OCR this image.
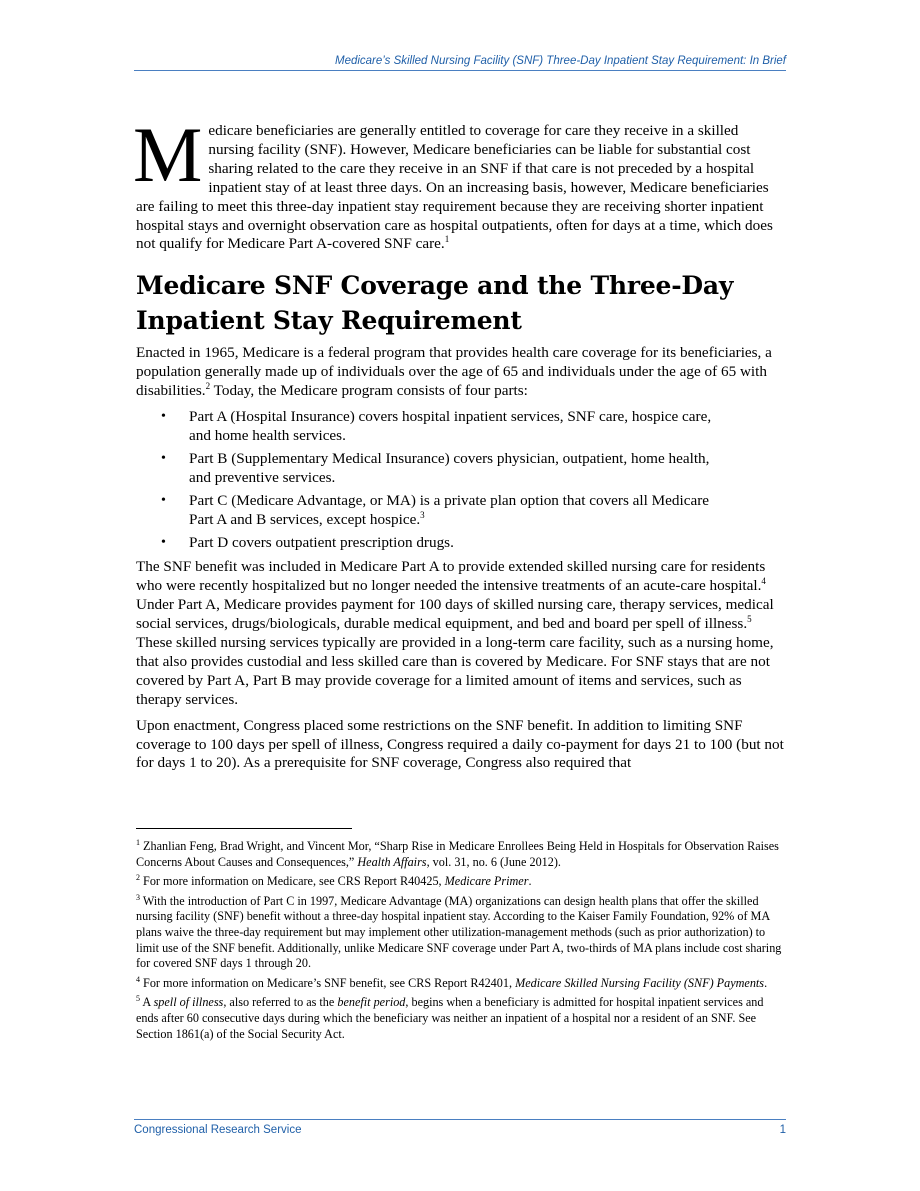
Medicare’s Skilled Nursing Facility (SNF) Three-Day Inpatient Stay Requirement: In Brief

Medicare beneficiaries are generally entitled to coverage for care they receive in a skilled nursing facility (SNF). However, Medicare beneficiaries can be liable for substantial cost sharing related to the care they receive in an SNF if that care is not preceded by a hospital inpatient stay of at least three days. On an increasing basis, however, Medicare beneficiaries are failing to meet this three-day inpatient stay requirement because they are receiving shorter inpatient hospital stays and overnight observation care as hospital outpatients, often for days at a time, which does not qualify for Medicare Part A-covered SNF care.$^1$

Medicare SNF Coverage and the Three-Day
Inpatient Stay Requirement

Enacted in 1965, Medicare is a federal program that provides health care coverage for its beneficiaries, a population generally made up of individuals over the age of 65 and individuals under the age of 65 with disabilities.$^2$ Today, the Medicare program consists of four parts:

• Part A (Hospital Insurance) covers hospital inpatient services, SNF care, hospice care, and home health services.
• Part B (Supplementary Medical Insurance) covers physician, outpatient, home health, and preventive services.
• Part C (Medicare Advantage, or MA) is a private plan option that covers all Medicare Part A and B services, except hospice.$^3$
• Part D covers outpatient prescription drugs.

The SNF benefit was included in Medicare Part A to provide extended skilled nursing care for residents who were recently hospitalized but no longer needed the intensive treatments of an acute-care hospital.$^4$ Under Part A, Medicare provides payment for 100 days of skilled nursing care, therapy services, medical social services, drugs/biologicals, durable medical equipment, and bed and board per spell of illness.$^5$ These skilled nursing services typically are provided in a long-term care facility, such as a nursing home, that also provides custodial and less skilled care than is covered by Medicare. For SNF stays that are not covered by Part A, Part B may provide coverage for a limited amount of items and services, such as therapy services.

Upon enactment, Congress placed some restrictions on the SNF benefit. In addition to limiting SNF coverage to 100 days per spell of illness, Congress required a daily co-payment for days 21 to 100 (but not for days 1 to 20). As a prerequisite for SNF coverage, Congress also required that

$^1$ Zhanlian Feng, Brad Wright, and Vincent Mor, “Sharp Rise in Medicare Enrollees Being Held in Hospitals for Observation Raises Concerns About Causes and Consequences,” Health Affairs, vol. 31, no. 6 (June 2012).

$^2$ For more information on Medicare, see CRS Report R40425, Medicare Primer.

$^3$ With the introduction of Part C in 1997, Medicare Advantage (MA) organizations can design health plans that offer the skilled nursing facility (SNF) benefit without a three-day hospital inpatient stay. According to the Kaiser Family Foundation, 92% of MA plans waive the three-day requirement but may implement other utilization-management methods (such as prior authorization) to limit use of the SNF benefit. Additionally, unlike Medicare SNF coverage under Part A, two-thirds of MA plans include cost sharing for covered SNF days 1 through 20.

$^4$ For more information on Medicare’s SNF benefit, see CRS Report R42401, Medicare Skilled Nursing Facility (SNF) Payments.

$^5$ A spell of illness, also referred to as the benefit period, begins when a beneficiary is admitted for hospital inpatient services and ends after 60 consecutive days during which the beneficiary was neither an inpatient of a hospital nor a resident of an SNF. See Section 1861(a) of the Social Security Act.

Congressional Research Service	1
